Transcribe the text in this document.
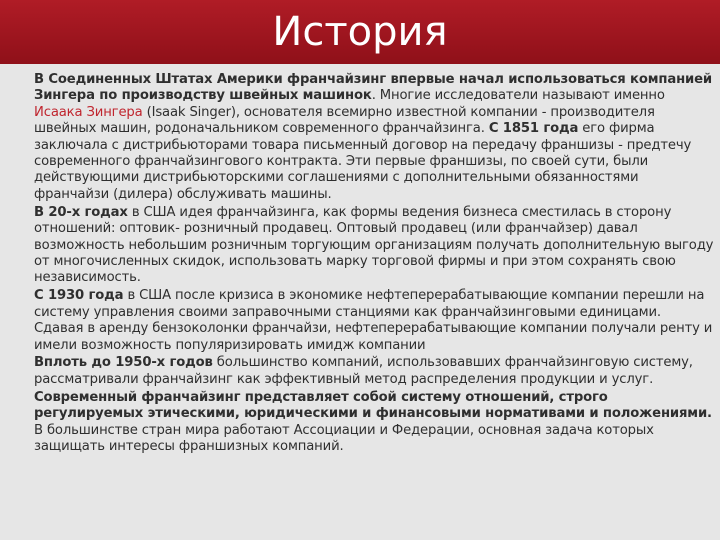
История

В Соединенных Штатах Америки франчайзинг впервые начал использоваться компанией Зингера по производству швейных машинок. Многие исследователи называют именно Исаака Зингера (Isaak Singer), основателя всемирно известной компании - производителя швейных машин, родоначальником современного франчайзинга. С 1851 года его фирма заключала с дистрибьюторами товара письменный договор на передачу франшизы - предтечу современного франчайзингового контракта. Эти первые франшизы, по своей сути, были действующими дистрибьюторскими соглашениями с дополнительными обязанностями франчайзи (дилера) обслуживать машины.

В 20-х годах в США идея франчайзинга, как формы ведения бизнеса сместилась в сторону отношений: оптовик- розничный продавец. Оптовый продавец (или франчайзер) давал возможность небольшим розничным торгующим организациям получать дополнительную выгоду от многочисленных скидок, использовать марку торговой фирмы и при этом сохранять свою независимость.

С 1930 года в США после кризиса в экономике нефтеперерабатывающие компании перешли на систему управления своими заправочными станциями как франчайзинговыми единицами. Сдавая в аренду бензоколонки франчайзи, нефтеперерабатывающие компании получали ренту и имели возможность популяризировать имидж компании

Вплоть до 1950-х годов большинство компаний, использовавших франчайзинговую систему, рассматривали франчайзинг как эффективный метод распределения продукции и услуг.

Современный франчайзинг представляет собой систему отношений, строго регулируемых этическими, юридическими и финансовыми нормативами и положениями. В большинстве стран мира работают Ассоциации и Федерации, основная задача которых защищать интересы франшизных компаний.
